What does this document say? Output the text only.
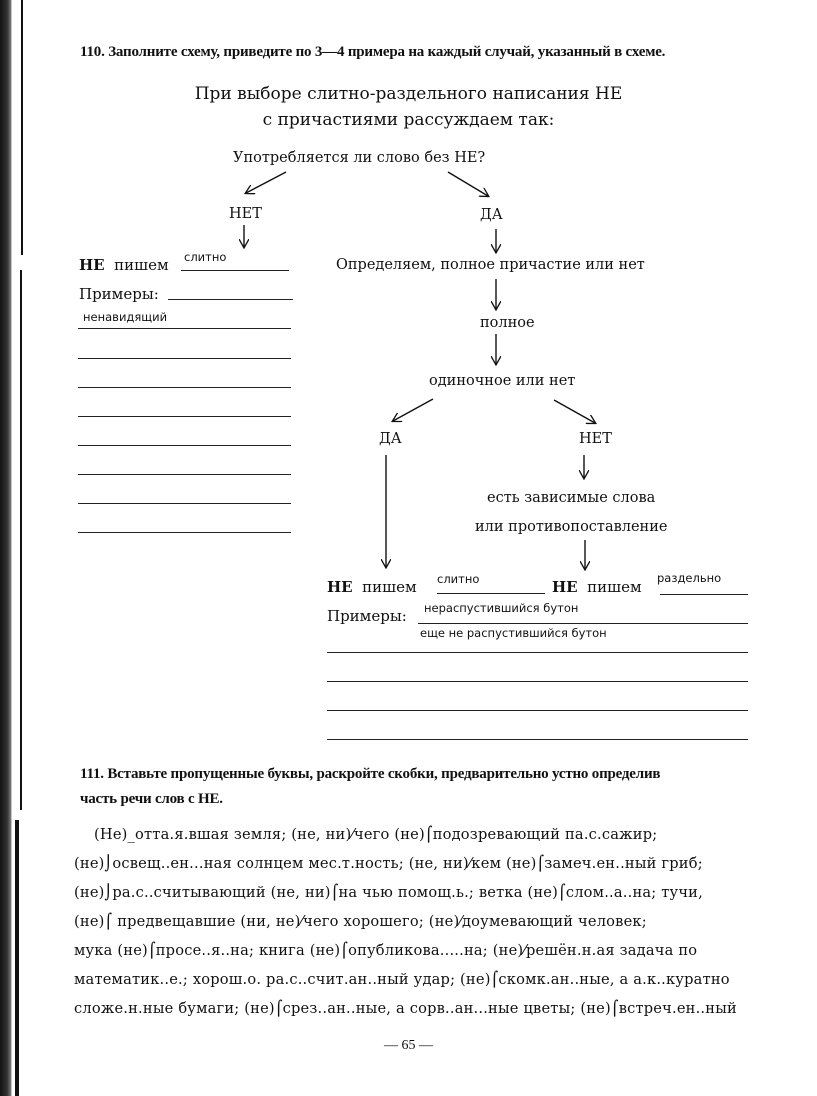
110. Заполните схему, приведите по 3—4 примера на каждый случай, указанный в схеме.
При выборе слитно-раздельного написания НЕ
с причастиями рассуждаем так:
Употребляется ли слово без НЕ?
НЕТ
НЕ пишем слитно
Примеры:
ненавидящий
ДА
Определяем, полное причастие или нет
полное
одиночное или нет
ДА	НЕТ
есть зависимые слова
или противопоставление
НЕ пишем слитно	НЕ пишем раздельно
Примеры: нераспустившийся бутон
еще не распустившийся бутон
111. Вставьте пропущенные буквы, раскройте скобки, предварительно устно определив
часть речи слов с НЕ.
(Не)_отта.я.вшая земля; (не, ни)⁄чего (не)⌠подозревающий па.с.сажир;
(не)⌡освещ..ен...ная солнцем мес.т.ность; (не, ни)⁄кем (не)⌠замеч.ен..ный гриб;
(не)⌡ра.с..считывающий (не, ни)⌠на чью помощ.ь.; ветка (не)⌠слом..а..на; тучи,
(не)⌠ предвещавшие (ни, не)⁄чего хорошего; (не)⁄доумевающий человек;
мука (не)⌠просе..я..на; книга (не)⌠опубликова.....на; (не)⁄решён.н.ая задача по
математик..е.; хорош.о. ра.с..счит.ан..ный удар; (не)⌠скомк.ан..ные, а а.к..куратно
сложе.н.ные бумаги; (не)⌠срез..ан..ные, а сорв..ан...ные цветы; (не)⌠встреч.ен..ный
— 65 —
